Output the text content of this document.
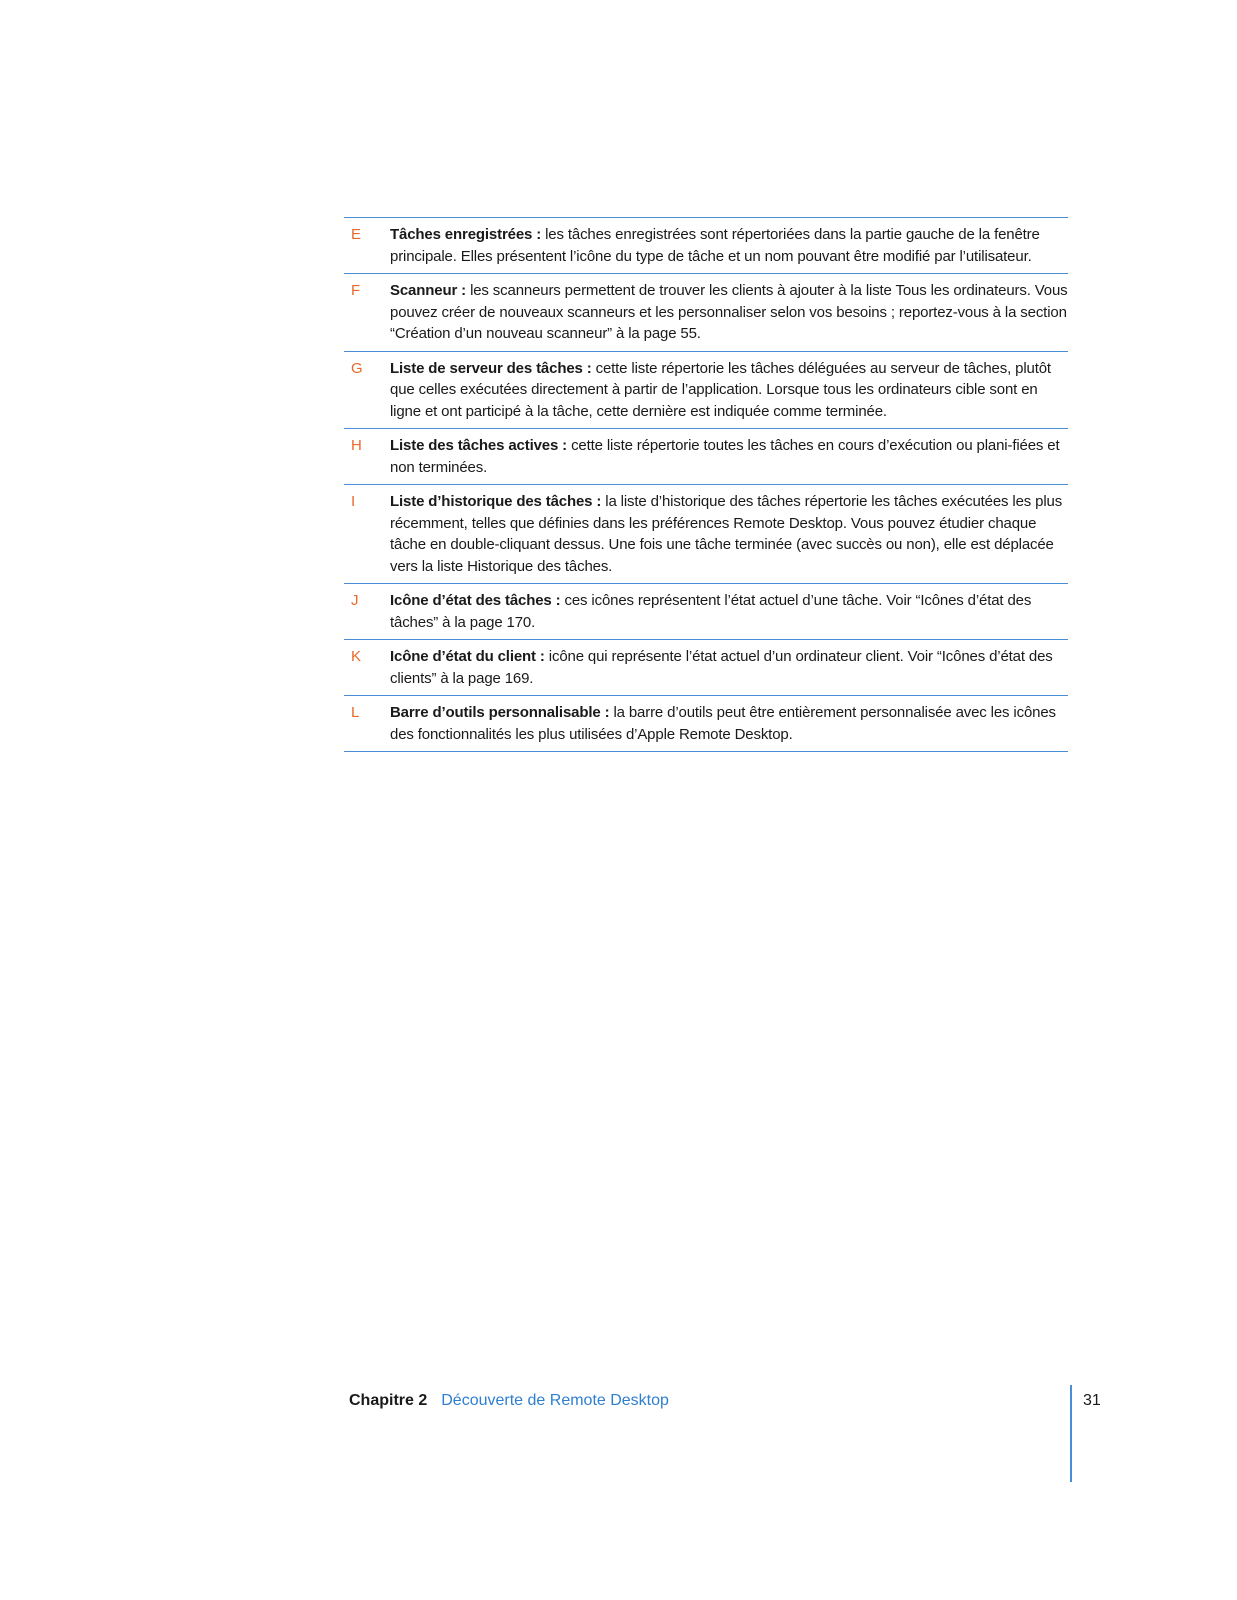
E	Tâches enregistrées : les tâches enregistrées sont répertoriées dans la partie gauche de la fenêtre principale. Elles présentent l’icône du type de tâche et un nom pouvant être modifié par l’utilisateur.
F	Scanneur : les scanneurs permettent de trouver les clients à ajouter à la liste Tous les ordinateurs. Vous pouvez créer de nouveaux scanneurs et les personnaliser selon vos besoins ; reportez-vous à la section “Création d’un nouveau scanneur” à la page 55.
G	Liste de serveur des tâches : cette liste répertorie les tâches déléguées au serveur de tâches, plutôt que celles exécutées directement à partir de l’application. Lorsque tous les ordinateurs cible sont en ligne et ont participé à la tâche, cette dernière est indiquée comme terminée.
H	Liste des tâches actives : cette liste répertorie toutes les tâches en cours d’exécution ou plani-fiées et non terminées.
I	Liste d’historique des tâches : la liste d’historique des tâches répertorie les tâches exécutées les plus récemment, telles que définies dans les préférences Remote Desktop. Vous pouvez étudier chaque tâche en double-cliquant dessus. Une fois une tâche terminée (avec succès ou non), elle est déplacée vers la liste Historique des tâches.
J	Icône d’état des tâches : ces icônes représentent l’état actuel d’une tâche. Voir “Icônes d’état des tâches” à la page 170.
K	Icône d’état du client : icône qui représente l’état actuel d’un ordinateur client. Voir “Icônes d’état des clients” à la page 169.
L	Barre d’outils personnalisable : la barre d’outils peut être entièrement personnalisée avec les icônes des fonctionnalités les plus utilisées d’Apple Remote Desktop.
Chapitre 2 Découverte de Remote Desktop	31
